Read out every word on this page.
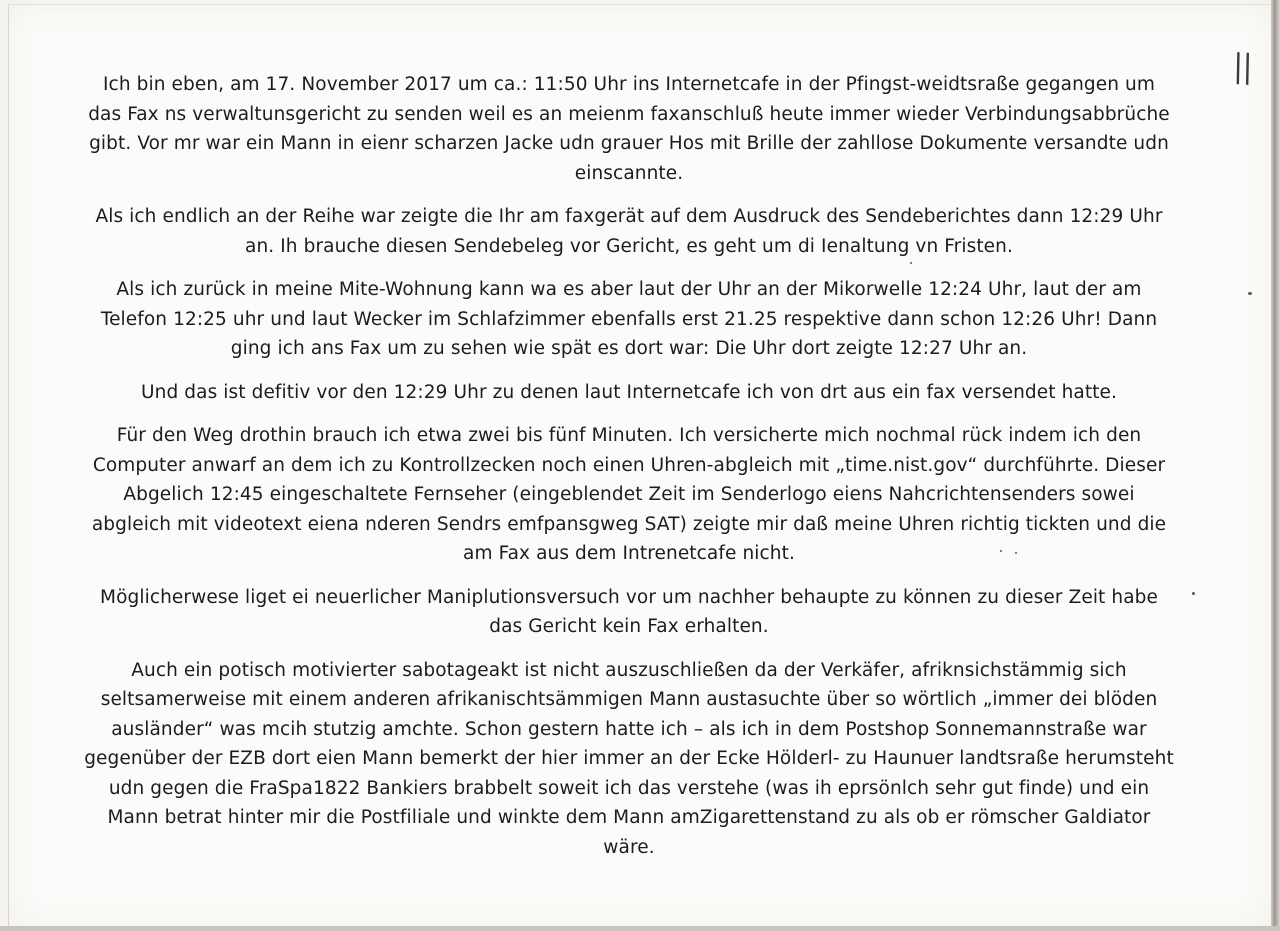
II

Ich bin eben, am 17. November 2017 um ca.: 11:50 Uhr ins Internetcafe in der Pfingst-weidtsraße gegangen um das Fax ns verwaltunsgericht zu senden weil es an meienm faxanschluß heute immer wieder Verbindungsabbrüche gibt. Vor mr war ein Mann in eienr scharzen Jacke udn grauer Hos mit Brille der zahllose Dokumente versandte udn einscannte.

Als ich endlich an der Reihe war zeigte die Ihr am faxgerät auf dem Ausdruck des Sendeberichtes dann 12:29 Uhr an. Ih brauche diesen Sendebeleg vor Gericht, es geht um di Ienaltung vn Fristen.

Als ich zurück in meine Mite-Wohnung kann wa es aber laut der Uhr an der Mikorwelle 12:24 Uhr, laut der am Telefon 12:25 uhr und laut Wecker im Schlafzimmer ebenfalls erst 21.25 respektive dann schon 12:26 Uhr! Dann ging ich ans Fax um zu sehen wie spät es dort war: Die Uhr dort zeigte 12:27 Uhr an.

Und das ist defitiv vor den 12:29 Uhr zu denen laut Internetcafe ich von drt aus ein fax versendet hatte.

Für den Weg drothin brauch ich etwa zwei bis fünf Minuten. Ich versicherte mich nochmal rück indem ich den Computer anwarf an dem ich zu Kontrollzecken noch einen Uhren-abgleich mit „time.nist.gov“ durchführte. Dieser Abgelich 12:45 eingeschaltete Fernseher (eingeblendet Zeit im Senderlogo eiens Nahcrichtensenders sowei abgleich mit videotext eiena nderen Sendrs emfpansgweg SAT) zeigte mir daß meine Uhren richtig tickten und die am Fax aus dem Intrenetcafe nicht.

Möglicherwese liget ei neuerlicher Maniplutionsversuch vor um nachher behaupte zu können zu dieser Zeit habe das Gericht kein Fax erhalten.

Auch ein potisch motivierter sabotageakt ist nicht auszuschließen da der Verkäfer, afriknsichstämmig sich seltsamerweise mit einem anderen afrikanischtsämmigen Mann austasuchte über so wörtlich „immer dei blöden ausländer“ was mcih stutzig amchte. Schon gestern hatte ich – als ich in dem Postshop Sonnemannstraße war gegenüber der EZB dort eien Mann bemerkt der hier immer an der Ecke Hölderl- zu Haunuer landtsraße herumsteht udn gegen die FraSpa1822 Bankiers brabbelt soweit ich das verstehe (was ih eprsönlch sehr gut finde) und ein Mann betrat hinter mir die Postfiliale und winkte dem Mann amZigarettenstand zu als ob er römscher Galdiator wäre.
